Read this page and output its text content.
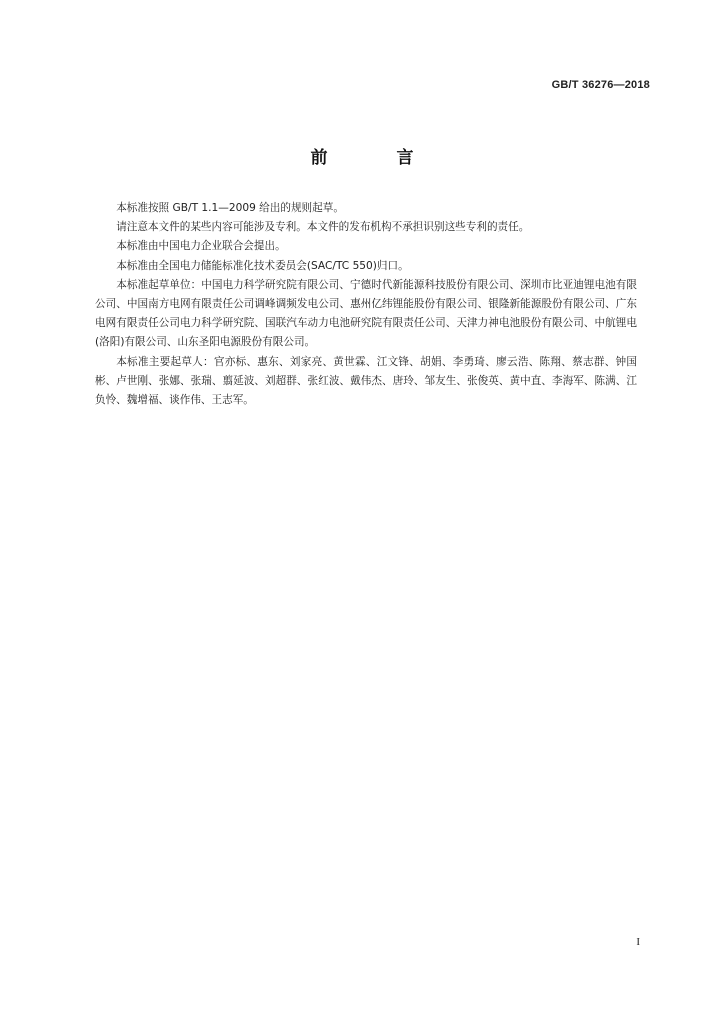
GB/T 36276—2018
前　言

本标准按照 GB/T 1.1—2009 给出的规则起草。

请注意本文件的某些内容可能涉及专利。本文件的发布机构不承担识别这些专利的责任。

本标准由中国电力企业联合会提出。

本标准由全国电力储能标准化技术委员会(SAC/TC 550)归口。

本标准起草单位：中国电力科学研究院有限公司、宁德时代新能源科技股份有限公司、深圳市比亚迪锂电池有限公司、中国南方电网有限责任公司调峰调频发电公司、惠州亿纬锂能股份有限公司、银隆新能源股份有限公司、广东电网有限责任公司电力科学研究院、国联汽车动力电池研究院有限责任公司、天津力神电池股份有限公司、中航锂电(洛阳)有限公司、山东圣阳电源股份有限公司。

本标准主要起草人：官亦标、惠东、刘家亮、黄世霖、江文锋、胡娟、李勇琦、廖云浩、陈翔、蔡志群、钟国彬、卢世刚、张娜、张瑞、翦延波、刘超群、张红波、戴伟杰、唐玲、邹友生、张俊英、黄中直、李海军、陈满、江负怜、魏增福、谈作伟、王志军。

I
